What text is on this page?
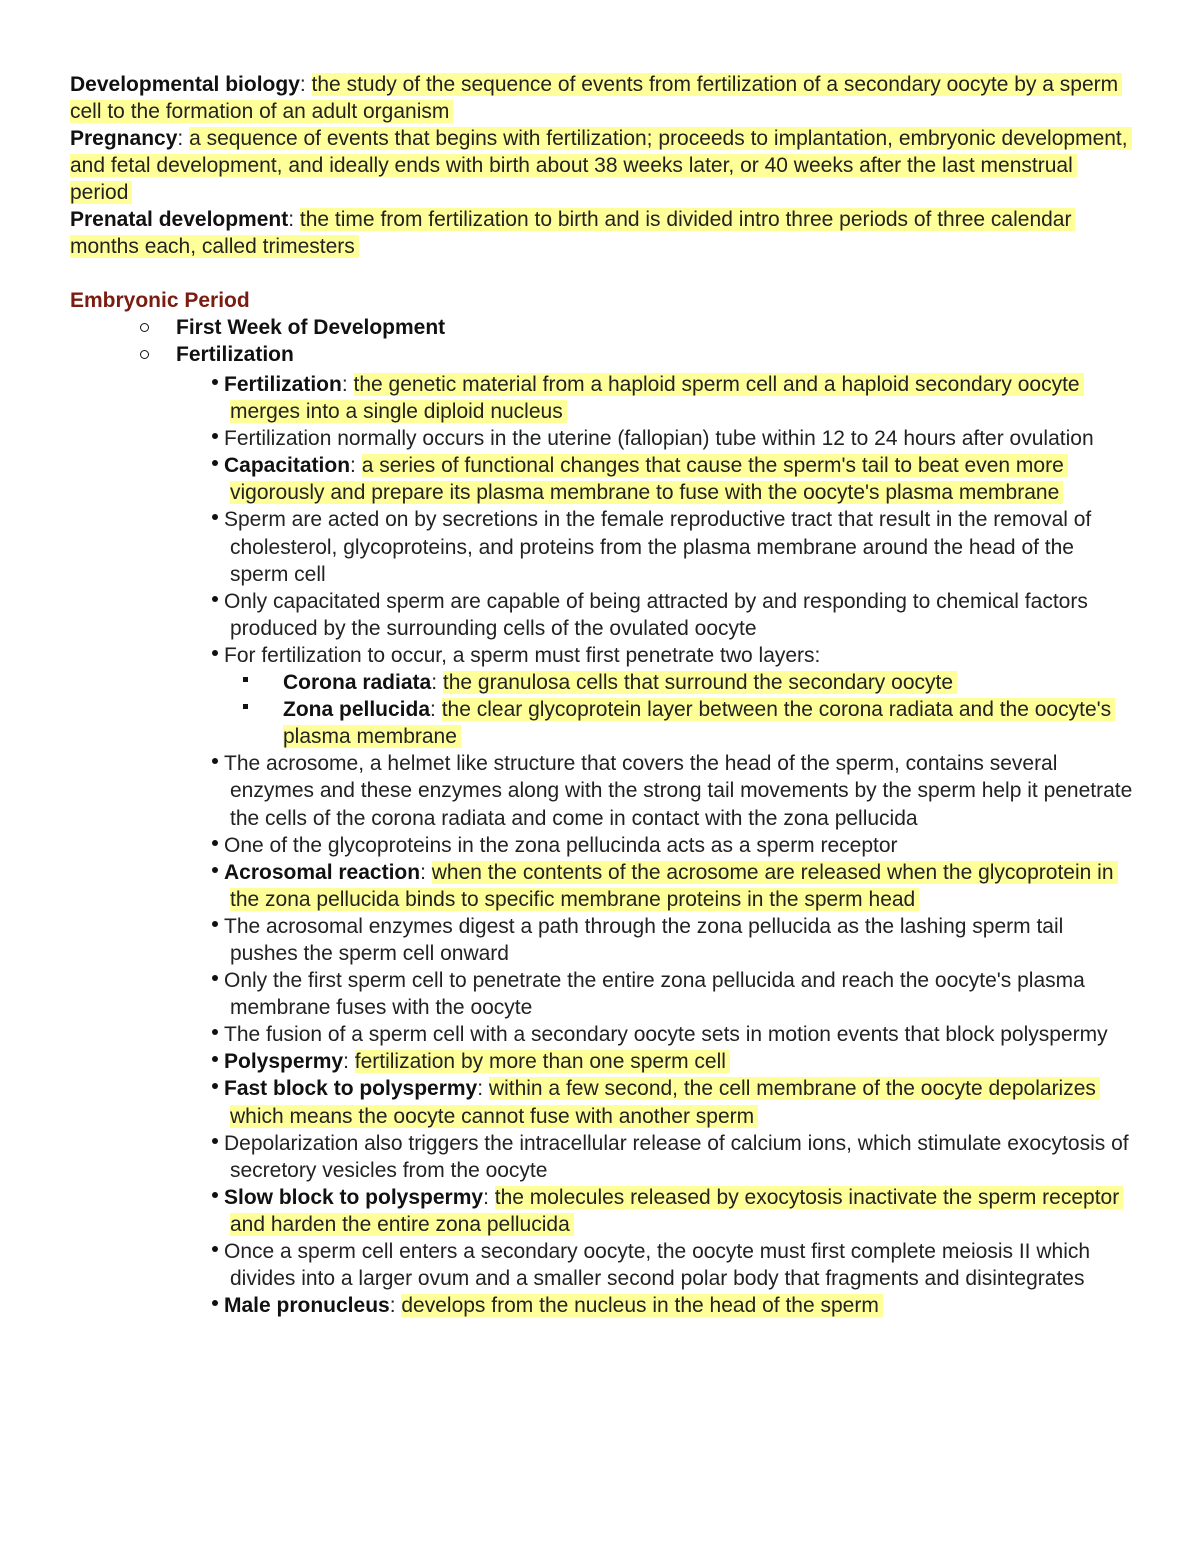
Developmental biology: the study of the sequence of events from fertilization of a secondary oocyte by a sperm cell to the formation of an adult organism

Pregnancy: a sequence of events that begins with fertilization; proceeds to implantation, embryonic development, and fetal development, and ideally ends with birth about 38 weeks later, or 40 weeks after the last menstrual period

Prenatal development: the time from fertilization to birth and is divided intro three periods of three calendar months each, called trimesters

Embryonic Period
First Week of Development
Fertilization
Fertilization: the genetic material from a haploid sperm cell and a haploid secondary oocyte merges into a single diploid nucleus
Fertilization normally occurs in the uterine (fallopian) tube within 12 to 24 hours after ovulation
Capacitation: a series of functional changes that cause the sperm's tail to beat even more vigorously and prepare its plasma membrane to fuse with the oocyte's plasma membrane
Sperm are acted on by secretions in the female reproductive tract that result in the removal of cholesterol, glycoproteins, and proteins from the plasma membrane around the head of the sperm cell
Only capacitated sperm are capable of being attracted by and responding to chemical factors produced by the surrounding cells of the ovulated oocyte
For fertilization to occur, a sperm must first penetrate two layers:
Corona radiata: the granulosa cells that surround the secondary oocyte
Zona pellucida: the clear glycoprotein layer between the corona radiata and the oocyte's plasma membrane
The acrosome, a helmet like structure that covers the head of the sperm, contains several enzymes and these enzymes along with the strong tail movements by the sperm help it penetrate the cells of the corona radiata and come in contact with the zona pellucida
One of the glycoproteins in the zona pellucinda acts as a sperm receptor
Acrosomal reaction: when the contents of the acrosome are released when the glycoprotein in the zona pellucida binds to specific membrane proteins in the sperm head
The acrosomal enzymes digest a path through the zona pellucida as the lashing sperm tail pushes the sperm cell onward
Only the first sperm cell to penetrate the entire zona pellucida and reach the oocyte's plasma membrane fuses with the oocyte
The fusion of a sperm cell with a secondary oocyte sets in motion events that block polyspermy
Polyspermy: fertilization by more than one sperm cell
Fast block to polyspermy: within a few second, the cell membrane of the oocyte depolarizes which means the oocyte cannot fuse with another sperm
Depolarization also triggers the intracellular release of calcium ions, which stimulate exocytosis of secretory vesicles from the oocyte
Slow block to polyspermy: the molecules released by exocytosis inactivate the sperm receptor and harden the entire zona pellucida
Once a sperm cell enters a secondary oocyte, the oocyte must first complete meiosis II which divides into a larger ovum and a smaller second polar body that fragments and disintegrates
Male pronucleus: develops from the nucleus in the head of the sperm
